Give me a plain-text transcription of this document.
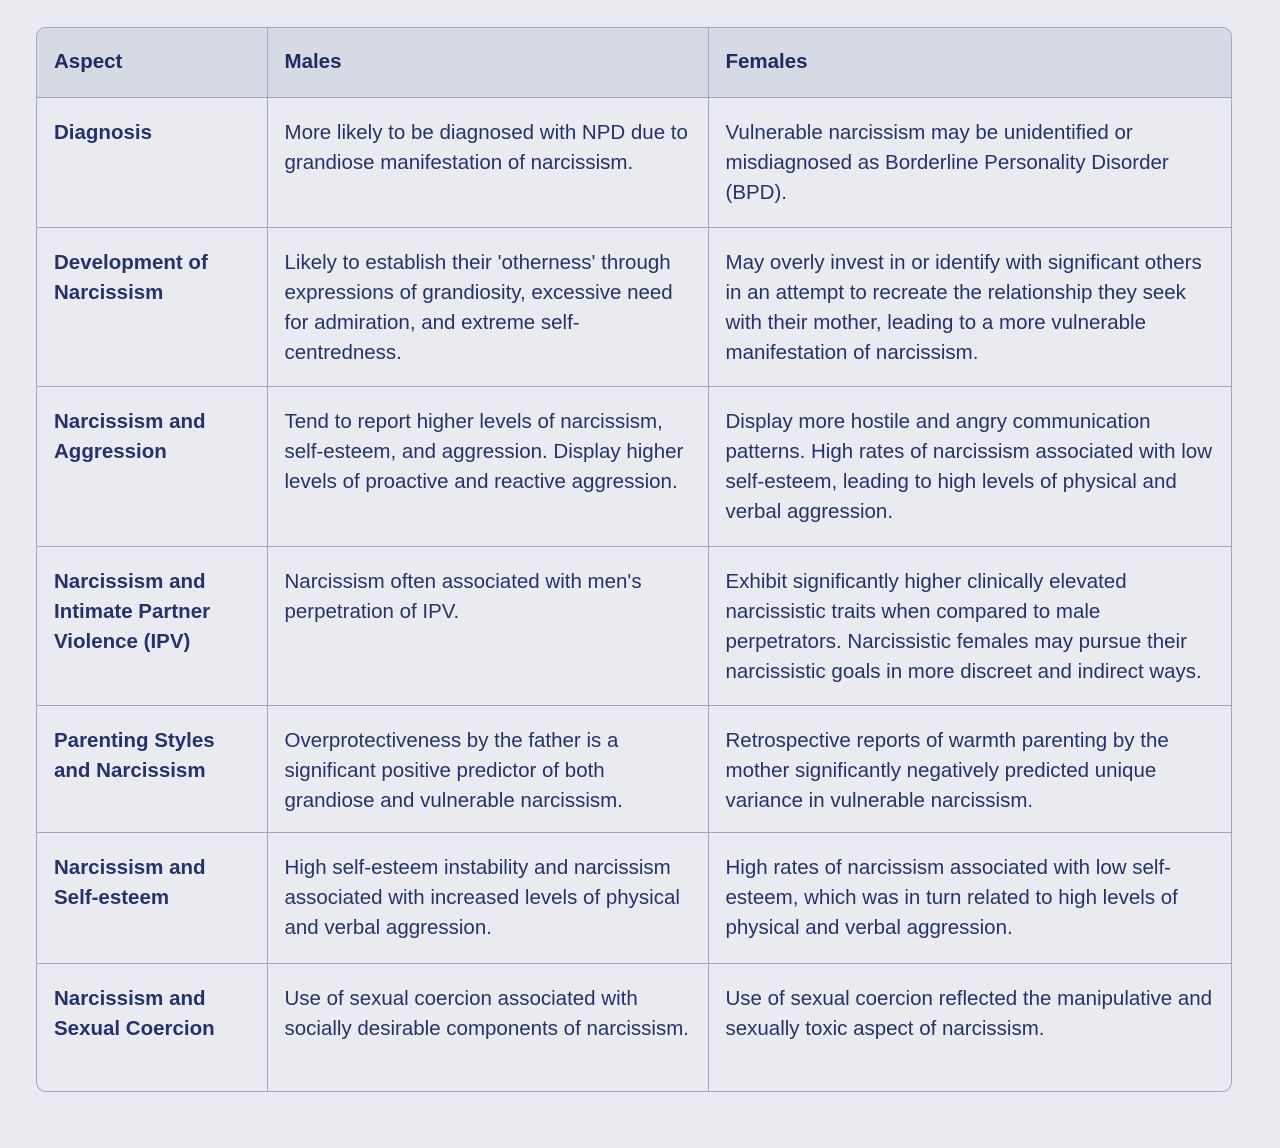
Aspect	Males	Females
Diagnosis	More likely to be diagnosed with NPD due to grandiose manifestation of narcissism.	Vulnerable narcissism may be unidentified or misdiagnosed as Borderline Personality Disorder (BPD).
Development of Narcissism	Likely to establish their 'otherness' through expressions of grandiosity, excessive need for admiration, and extreme self-centredness.	May overly invest in or identify with significant others in an attempt to recreate the relationship they seek with their mother, leading to a more vulnerable manifestation of narcissism.
Narcissism and Aggression	Tend to report higher levels of narcissism, self-esteem, and aggression. Display higher levels of proactive and reactive aggression.	Display more hostile and angry communication patterns. High rates of narcissism associated with low self-esteem, leading to high levels of physical and verbal aggression.
Narcissism and Intimate Partner Violence (IPV)	Narcissism often associated with men's perpetration of IPV.	Exhibit significantly higher clinically elevated narcissistic traits when compared to male perpetrators. Narcissistic females may pursue their narcissistic goals in more discreet and indirect ways.
Parenting Styles and Narcissism	Overprotectiveness by the father is a significant positive predictor of both grandiose and vulnerable narcissism.	Retrospective reports of warmth parenting by the mother significantly negatively predicted unique variance in vulnerable narcissism.
Narcissism and Self-esteem	High self-esteem instability and narcissism associated with increased levels of physical and verbal aggression.	High rates of narcissism associated with low self-esteem, which was in turn related to high levels of physical and verbal aggression.
Narcissism and Sexual Coercion	Use of sexual coercion associated with socially desirable components of narcissism.	Use of sexual coercion reflected the manipulative and sexually toxic aspect of narcissism.
